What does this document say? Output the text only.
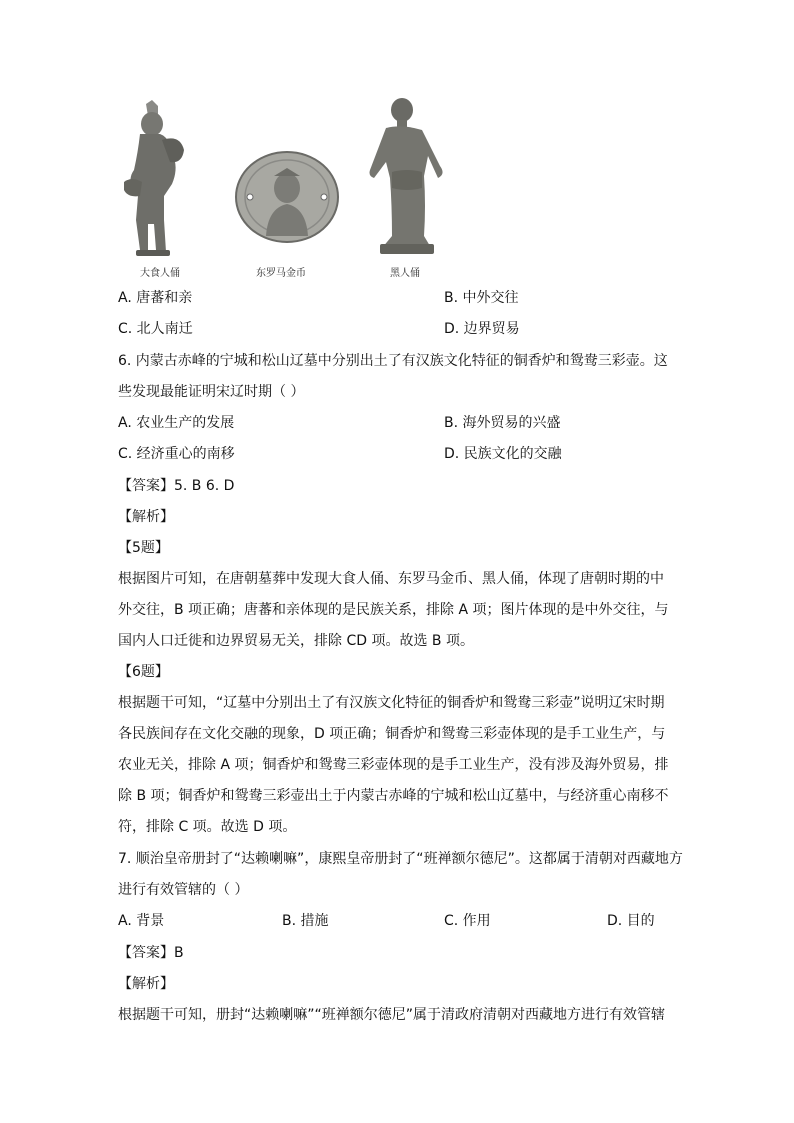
大食人俑	东罗马金币	黑人俑
A. 唐蕃和亲	B. 中外交往
C. 北人南迁	D. 边界贸易
6. 内蒙古赤峰的宁城和松山辽墓中分别出土了有汉族文化特征的铜香炉和鸳鸯三彩壶。这
些发现最能证明宋辽时期（ ）
A. 农业生产的发展	B. 海外贸易的兴盛
C. 经济重心的南移	D. 民族文化的交融
【答案】5. B 6. D
【解析】
【5题】
根据图片可知，在唐朝墓葬中发现大食人俑、东罗马金币、黑人俑，体现了唐朝时期的中
外交往，B 项正确；唐蕃和亲体现的是民族关系，排除 A 项；图片体现的是中外交往，与
国内人口迁徙和边界贸易无关，排除 CD 项。故选 B 项。
【6题】
根据题干可知，“辽墓中分别出土了有汉族文化特征的铜香炉和鸳鸯三彩壶”说明辽宋时期
各民族间存在文化交融的现象，D 项正确；铜香炉和鸳鸯三彩壶体现的是手工业生产，与
农业无关，排除 A 项；铜香炉和鸳鸯三彩壶体现的是手工业生产，没有涉及海外贸易，排
除 B 项；铜香炉和鸳鸯三彩壶出土于内蒙古赤峰的宁城和松山辽墓中，与经济重心南移不
符，排除 C 项。故选 D 项。
7. 顺治皇帝册封了“达赖喇嘛”，康熙皇帝册封了“班禅额尔德尼”。这都属于清朝对西藏地方
进行有效管辖的（ ）
A. 背景	B. 措施	C. 作用	D. 目的
【答案】B
【解析】
根据题干可知，册封“达赖喇嘛”“班禅额尔德尼”属于清政府清朝对西藏地方进行有效管辖
